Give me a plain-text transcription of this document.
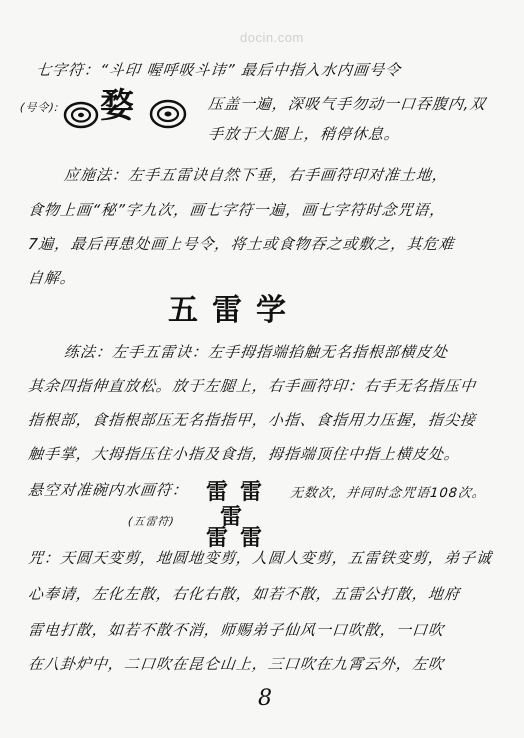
docin.com
七字符：“斗印 喔呼吸斗讳” 最后中指入水内画号令
(号令): 婺	压盖一遍，深吸气手勿动一口吞腹内,双
手放于大腿上，稍停休息。
应施法：左手五雷诀自然下垂，右手画符印对准土地，
食物上画“秘”字九次，画七字符一遍，画七字符时念咒语，
7遍，最后再患处画上号令，将土或食物吞之或敷之，其危难
自解。
五雷学
练法：左手五雷诀：左手拇指端掐触无名指根部横皮处
其余四指伸直放松。放于左腿上，右手画符印：右手无名指压中
指根部，食指根部压无名指指甲，小指、食指用力压握，指尖接
触手掌，大拇指压住小指及食指，拇指端顶住中指上横皮处。
悬空对准碗内水画符： 雷 雷
雷
雷 雷
无数次，并同时念咒语108次。
(五雷符)
咒：天圆天变剪，地圆地变剪，人圆人变剪，五雷铁变剪，弟子诚
心奉请，左化左散，右化右散，如若不散，五雷公打散，地府
雷电打散，如若不散不消，师赐弟子仙风一口吹散，一口吹
在八卦炉中，二口吹在昆仑山上，三口吹在九霄云外，左吹
8
